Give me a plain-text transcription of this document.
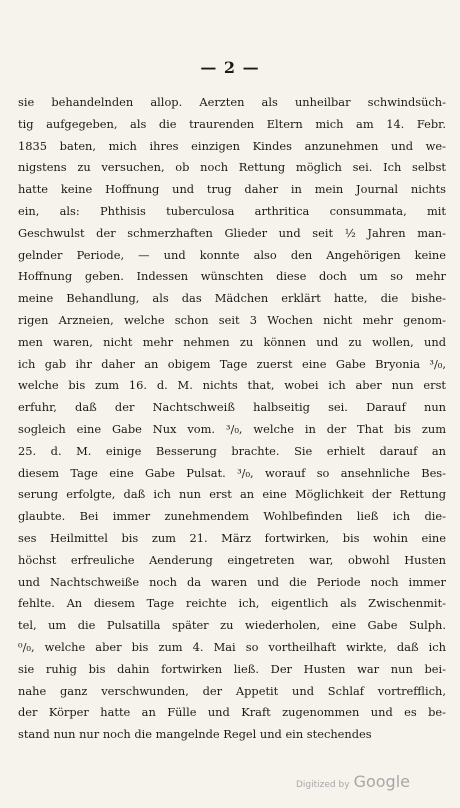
— 2 —
sie behandelnden allop. Aerzten als unheilbar schwindsüch-
tig aufgegeben, als die traurenden Eltern mich am 14. Febr.
1835 baten, mich ihres einzigen Kindes anzunehmen und we-
nigstens zu versuchen, ob noch Rettung möglich sei. Ich selbst
hatte keine Hoffnung und trug daher in mein Journal nichts
ein, als: Phthisis tuberculosa arthritica consummata, mit
Geschwulst der schmerzhaften Glieder und seit ½ Jahren man-
gelnder Periode, — und konnte also den Angehörigen keine
Hoffnung geben. Indessen wünschten diese doch um so mehr
meine Behandlung, als das Mädchen erklärt hatte, die bishe-
rigen Arzneien, welche schon seit 3 Wochen nicht mehr genom-
men waren, nicht mehr nehmen zu können und zu wollen, und
ich gab ihr daher an obigem Tage zuerst eine Gabe Bryonia ³/₀,
welche bis zum 16. d. M. nichts that, wobei ich aber nun erst
erfuhr, daß der Nachtschweiß halbseitig sei. Darauf nun
sogleich eine Gabe Nux vom. ³/₀, welche in der That bis zum
25. d. M. einige Besserung brachte. Sie erhielt darauf an
diesem Tage eine Gabe Pulsat. ³/₀, worauf so ansehnliche Bes-
serung erfolgte, daß ich nun erst an eine Möglichkeit der Rettung
glaubte. Bei immer zunehmendem Wohlbefinden ließ ich die-
ses Heilmittel bis zum 21. März fortwirken, bis wohin eine
höchst erfreuliche Aenderung eingetreten war, obwohl Husten
und Nachtschweiße noch da waren und die Periode noch immer
fehlte. An diesem Tage reichte ich, eigentlich als Zwischenmit-
tel, um die Pulsatilla später zu wiederholen, eine Gabe Sulph.
⁰/₀, welche aber bis zum 4. Mai so vortheilhaft wirkte, daß ich
sie ruhig bis dahin fortwirken ließ. Der Husten war nun bei-
nahe ganz verschwunden, der Appetit und Schlaf vortrefflich,
der Körper hatte an Fülle und Kraft zugenommen und es be-
stand nun nur noch die mangelnde Regel und ein stechendes
Digitized by Google
